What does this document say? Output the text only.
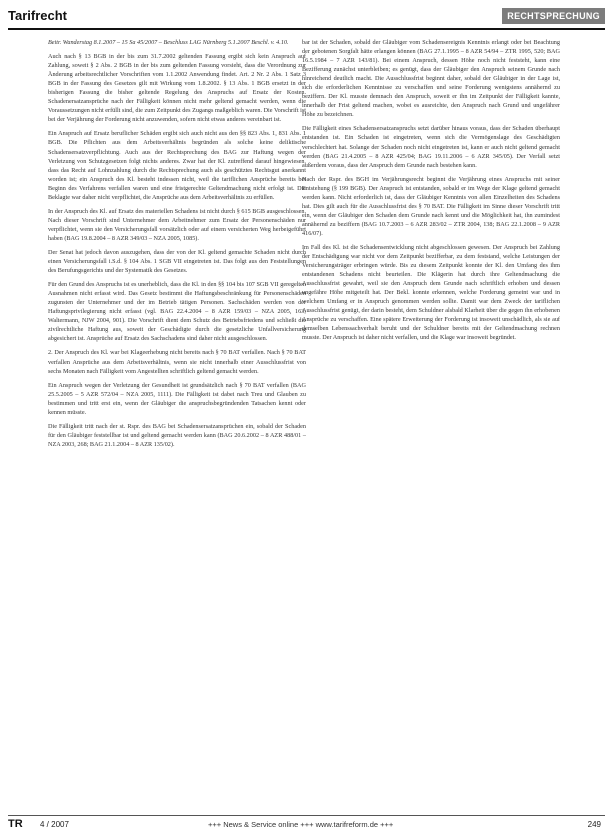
Tarifrecht	RECHTSPRECHUNG

Beitr. Wanderstag 8.1.2007 – 15 Sa 45/2007 – Beschluss LAG Nürnberg 5.1.2007 Beschl. v. 4.10.

Auch nach § 13 BGB in der bis zum 31.7.2002 geltenden Fassung ergibt sich kein Anspruch auf Zahlung, soweit § 2 Abs. 2 BGB in der bis zum geltenden Fassung vorsieht, dass die Verordnung zur Änderung arbeitsrechtlicher Vorschriften vom 1.1.2002 Anwendung findet. Art. 2 Nr. 2 Abs. 1 Satz 3 BGB in der Fassung des Gesetzes gilt mit Wirkung vom 1.8.2002. § 13 Abs. 1 BGB ersetzt in der bisherigen Fassung die bisher geltende Regelung des Anspruchs auf Ersatz der Kosten. Schadenersatzansprüche nach der Fälligkeit können nicht mehr geltend gemacht werden, wenn die Voraussetzungen nicht erfüllt sind, die zum Zeitpunkt des Zugangs maßgeblich waren. Die Vorschrift ist bei der Verjährung der Forderung nicht anzuwenden, sofern nicht etwas anderes vereinbart ist.

Ein Anspruch auf Ersatz beruflicher Schäden ergibt sich auch nicht aus den §§ 823 Abs. 1, 831 Abs. 1 BGB. Die Pflichten aus dem Arbeitsverhältnis begründen als solche keine deliktische Schadensersatzverpflichtung. Auch aus der Rechtsprechung des BAG zur Haftung wegen der Verletzung von Schutzgesetzen folgt nichts anderes. Zwar hat der Kl. zutreffend darauf hingewiesen, dass das Recht auf Lohnzahlung durch die Rechtsprechung auch als geschütztes Rechtsgut anerkannt worden ist; ein Anspruch des Kl. besteht indessen nicht, weil die tariflichen Ansprüche bereits bei Beginn des Verfahrens verfallen waren und eine fristgerechte Geltendmachung nicht erfolgt ist. Die Beklagte war daher nicht verpflichtet, die Ansprüche aus dem Arbeitsverhältnis zu erfüllen.

In der Anspruch des Kl. auf Ersatz des materiellen Schadens ist nicht durch § 615 BGB ausgeschlossen. Nach dieser Vorschrift sind Unternehmer dem Arbeitnehmer zum Ersatz der Personenschäden nur verpflichtet, wenn sie den Versicherungsfall vorsätzlich oder auf einem versicherten Weg herbeigeführt haben (BAG 19.8.2004 – 8 AZR 349/03 – NZA 2005, 1085).

Der Senat hat jedoch davon auszugehen, dass der von der Kl. geltend gemachte Schaden nicht durch einen Versicherungsfall i.S.d. § 104 Abs. 1 SGB VII eingetreten ist. Das folgt aus den Feststellungen des Berufungsgerichts und der Systematik des Gesetzes.

Für den Grund des Anspruchs ist es unerheblich, dass die Kl. in den §§ 104 bis 107 SGB VII geregelten Ausnahmen nicht erfasst wird. Das Gesetz bestimmt die Haftungsbeschränkung für Personenschäden zugunsten der Unternehmer und der im Betrieb tätigen Personen. Sachschäden werden von der Haftungsprivilegierung nicht erfasst (vgl. BAG 22.4.2004 – 8 AZR 159/03 – NZA 2005, 163; Waltermann, NJW 2004, 901). Die Vorschrift dient dem Schutz des Betriebsfriedens und schließt die zivilrechtliche Haftung aus, soweit der Geschädigte durch die gesetzliche Unfallversicherung abgesichert ist. Ansprüche auf Ersatz des Sachschadens sind daher nicht ausgeschlossen.

2. Der Anspruch des Kl. war bei Klageerhebung nicht bereits nach § 70 BAT verfallen. Nach § 70 BAT verfallen Ansprüche aus dem Arbeitsverhältnis, wenn sie nicht innerhalb einer Ausschlussfrist von sechs Monaten nach Fälligkeit vom Angestellten schriftlich geltend gemacht werden.

Ein Anspruch wegen der Verletzung der Gesundheit ist grundsätzlich nach § 70 BAT verfallen (BAG 25.5.2005 – 5 AZR 572/04 – NZA 2005, 1111). Die Fälligkeit ist dabei nach Treu und Glauben zu bestimmen und tritt erst ein, wenn der Gläubiger die anspruchsbegründenden Tatsachen kennt oder kennen müsste.

Die Fälligkeit tritt nach der st. Rspr. des BAG bei Schadensersatzansprüchen ein, sobald der Schaden für den Gläubiger feststellbar ist und geltend gemacht werden kann (BAG 20.6.2002 – 8 AZR 488/01 – NZA 2003, 268; BAG 21.1.2004 – 8 AZR 135/02).

bar ist der Schaden, sobald der Gläubiger vom Schadensereignis Kenntnis erlangt oder bei Beachtung der gebotenen Sorgfalt hätte erlangen können (BAG 27.1.1995 – 8 AZR 54/94 – ZTR 1995, 520; BAG 16.5.1984 – 7 AZR 143/81). Bei einem Anspruch, dessen Höhe noch nicht feststeht, kann eine Bezifferung zunächst unterbleiben; es genügt, dass der Gläubiger den Anspruch seinem Grunde nach hinreichend deutlich macht. Die Ausschlussfrist beginnt daher, sobald der Gläubiger in der Lage ist, sich die erforderlichen Kenntnisse zu verschaffen und seine Forderung wenigstens annähernd zu beziffern. Der Kl. musste demnach den Anspruch, soweit er ihn im Zeitpunkt der Fälligkeit kannte, innerhalb der Frist geltend machen, wobei es ausreichte, den Anspruch nach Grund und ungefährer Höhe zu bezeichnen.

Die Fälligkeit eines Schadensersatzanspruchs setzt darüber hinaus voraus, dass der Schaden überhaupt entstanden ist. Ein Schaden ist eingetreten, wenn sich die Vermögenslage des Geschädigten verschlechtert hat. Solange der Schaden noch nicht eingetreten ist, kann er auch nicht geltend gemacht werden (BAG 21.4.2005 – 8 AZR 425/04; BAG 19.11.2006 – 6 AZR 345/05). Der Verfall setzt außerdem voraus, dass der Anspruch dem Grunde nach bestehen kann.

Nach der Rspr. des BGH im Verjährungsrecht beginnt die Verjährung eines Anspruchs mit seiner Entstehung (§ 199 BGB). Der Anspruch ist entstanden, sobald er im Wege der Klage geltend gemacht werden kann. Nicht erforderlich ist, dass der Gläubiger Kenntnis von allen Einzelheiten des Schadens hat. Dies gilt auch für die Ausschlussfrist des § 70 BAT. Die Fälligkeit im Sinne dieser Vorschrift tritt ein, wenn der Gläubiger den Schaden dem Grunde nach kennt und die Möglichkeit hat, ihn zumindest annähernd zu beziffern (BAG 10.7.2003 – 6 AZR 283/02 – ZTR 2004, 138; BAG 22.1.2008 – 9 AZR 416/07).

Im Fall des Kl. ist die Schadensentwicklung nicht abgeschlossen gewesen. Der Anspruch bei Zahlung der Entschädigung war nicht vor dem Zeitpunkt bezifferbar, zu dem feststand, welche Leistungen der Versicherungsträger erbringen würde. Bis zu diesem Zeitpunkt konnte der Kl. den Umfang des ihm entstandenen Schadens nicht beurteilen. Die Klägerin hat durch ihre Geltendmachung die Ausschlussfrist gewahrt, weil sie den Anspruch dem Grunde nach schriftlich erhoben und dessen ungefähre Höhe mitgeteilt hat. Der Bekl. konnte erkennen, welche Forderung gemeint war und in welchem Umfang er in Anspruch genommen werden sollte. Damit war dem Zweck der tariflichen Ausschlussfrist genügt, der darin besteht, dem Schuldner alsbald Klarheit über die gegen ihn erhobenen Ansprüche zu verschaffen. Eine spätere Erweiterung der Forderung ist insoweit unschädlich, als sie auf demselben Lebenssachverhalt beruht und der Schuldner bereits mit der Geltendmachung rechnen musste. Der Anspruch ist daher nicht verfallen, und die Klage war insoweit begründet.

TR 4 / 2007	+++ News & Service online +++ www.tarifreform.de +++	249
